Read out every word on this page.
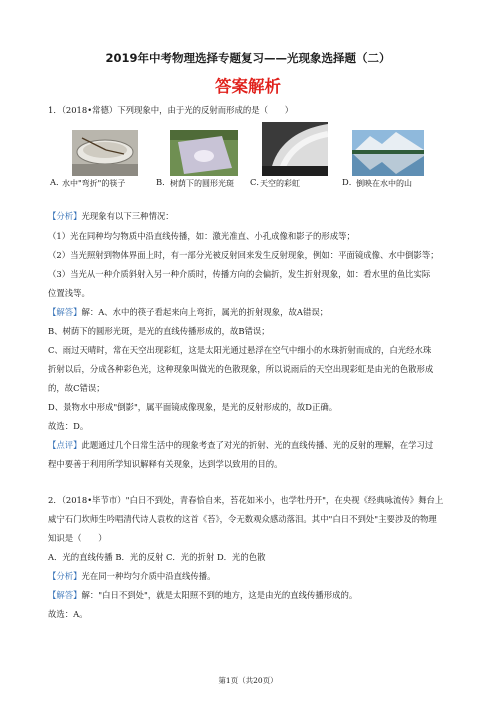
2019年中考物理选择专题复习——光现象选择题（二）
答案解析
1．（2018•常德）下列现象中，由于光的反射而形成的是（　　）
A．
水中"弯折"的筷子	B． 树荫下的圆形光斑 C．
天空的彩虹	D．
倒映在水中的山
【分析】光现象有以下三种情况：
（1）光在同种均匀物质中沿直线传播，如：激光准直、小孔成像和影子的形成等；
（2）当光照射到物体界面上时，有一部分光被反射回来发生反射现象，例如：平面镜成像、水中倒影等；
（3）当光从一种介质斜射入另一种介质时，传播方向的会偏折，发生折射现象，如：看水里的鱼比实际
位置浅等。
【解答】解：A、水中的筷子看起来向上弯折，属光的折射现象，故A错误；
B、树荫下的圆形光斑，是光的直线传播形成的，故B错误；
C、雨过天晴时，常在天空出现彩虹，这是太阳光通过悬浮在空气中细小的水珠折射而成的，白光经水珠
折射以后，分成各种彩色光，这种现象叫做光的色散现象，所以说雨后的天空出现彩虹是由光的色散形成
的，故C错误；
D、景物水中形成"倒影"，属平面镜成像现象，是光的反射形成的，故D正确。
故选：D。
【点评】此题通过几个日常生活中的现象考查了对光的折射、光的直线传播、光的反射的理解，在学习过
程中要善于利用所学知识解释有关现象，达到学以致用的目的。
2．（2018•毕节市）"白日不到处，青春恰自来，苔花如米小，也学牡丹开"，在央视《经典咏流传》舞台上
威宁石门坎师生吟唱清代诗人袁枚的这首《苔》，令无数观众感动落泪。其中"白日不到处"主要涉及的物理
知识是（　　）
A．光的直线传播 B．光的反射 C．光的折射 D．光的色散
【分析】光在同一种均匀介质中沿直线传播。
【解答】解："白日不到处"，就是太阳照不到的地方，这是由光的直线传播形成的。
故选：A。
第1页（共20页）
